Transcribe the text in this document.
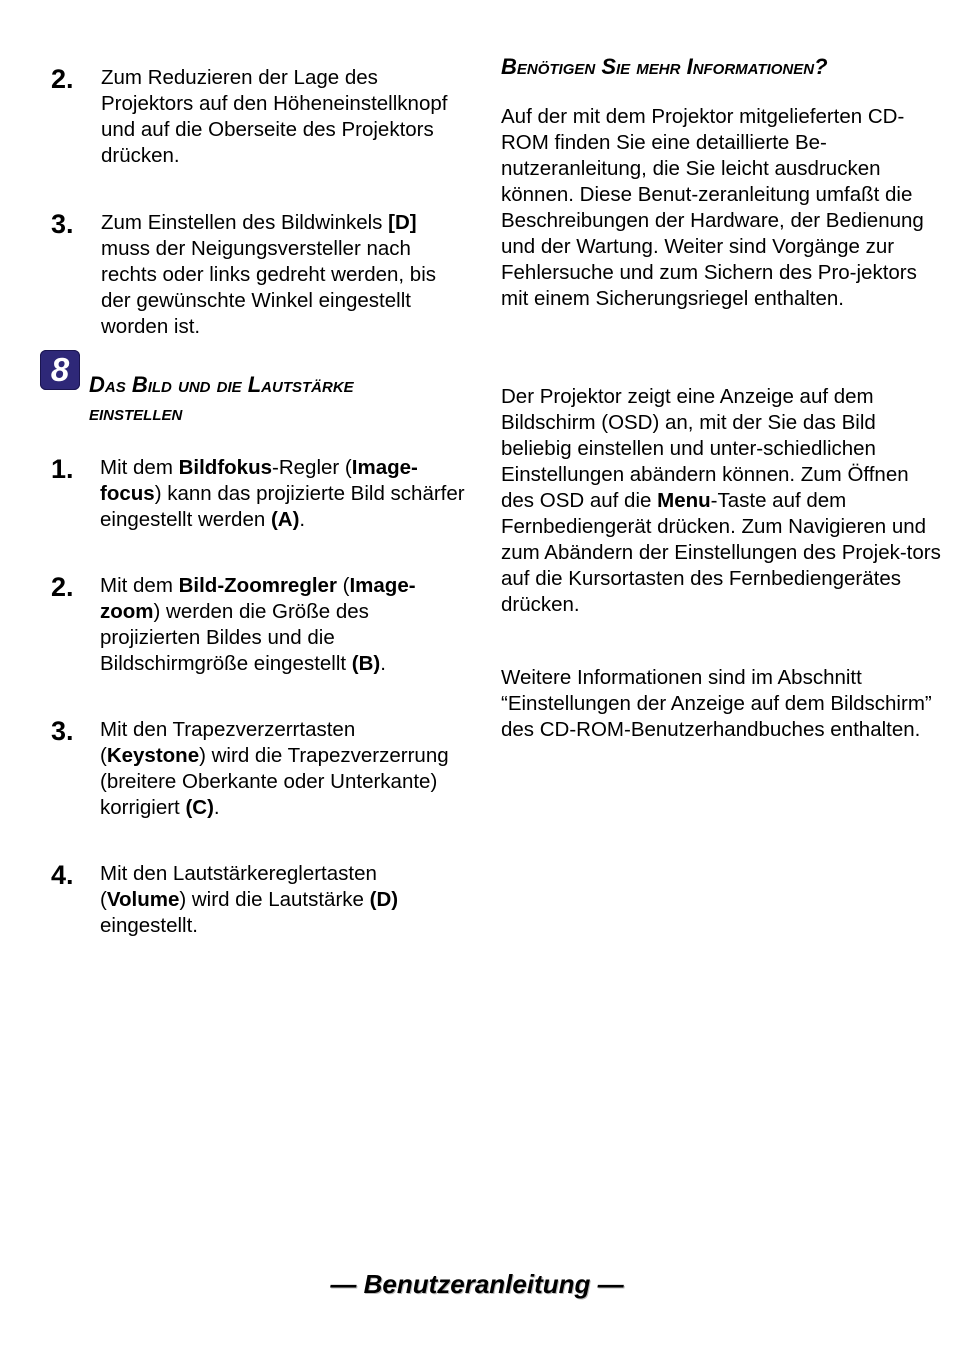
2. Zum Reduzieren der Lage des Projektors auf den Höheneinstellknopf und auf die Oberseite des Projektors drücken.
3. Zum Einstellen des Bildwinkels [D] muss der Neigungsversteller nach rechts oder links gedreht werden, bis der gewünschte Winkel eingestellt worden ist.
8 Das Bild und die Lautstärke
einstellen
1. Mit dem Bildfokus-Regler (Image-focus) kann das projizierte Bild schärfer eingestellt werden (A).
2. Mit dem Bild-Zoomregler (Image-zoom) werden die Größe des projizierten Bildes und die Bildschirmgröße eingestellt (B).
3. Mit den Trapezverzerrtasten (Keystone) wird die Trapezverzerrung (breitere Oberkante oder Unterkante) korrigiert (C).
4. Mit den Lautstärkereglertasten (Volume) wird die Lautstärke (D) eingestellt.
Benötigen Sie mehr Informationen?
Auf der mit dem Projektor mitgelieferten CD-ROM finden Sie eine detaillierte Be-nutzeranleitung, die Sie leicht ausdrucken können. Diese Benut-zeranleitung umfaßt die Beschreibungen der Hardware, der Bedienung und der Wartung. Weiter sind Vorgänge zur Fehlersuche und zum Sichern des Pro-jektors mit einem Sicherungsriegel enthalten.
Der Projektor zeigt eine Anzeige auf dem Bildschirm (OSD) an, mit der Sie das Bild beliebig einstellen und unter-schiedlichen Einstellungen abändern können. Zum Öffnen des OSD auf die Menu-Taste auf dem Fernbediengerät drücken. Zum Navigieren und zum Abändern der Einstellungen des Projek-tors auf die Kursortasten des Fernbediengerätes drücken.
Weitere Informationen sind im Abschnitt “Einstellungen der Anzeige auf dem Bildschirm” des CD-ROM-Benutzerhandbuches enthalten.
— Benutzeranleitung —
